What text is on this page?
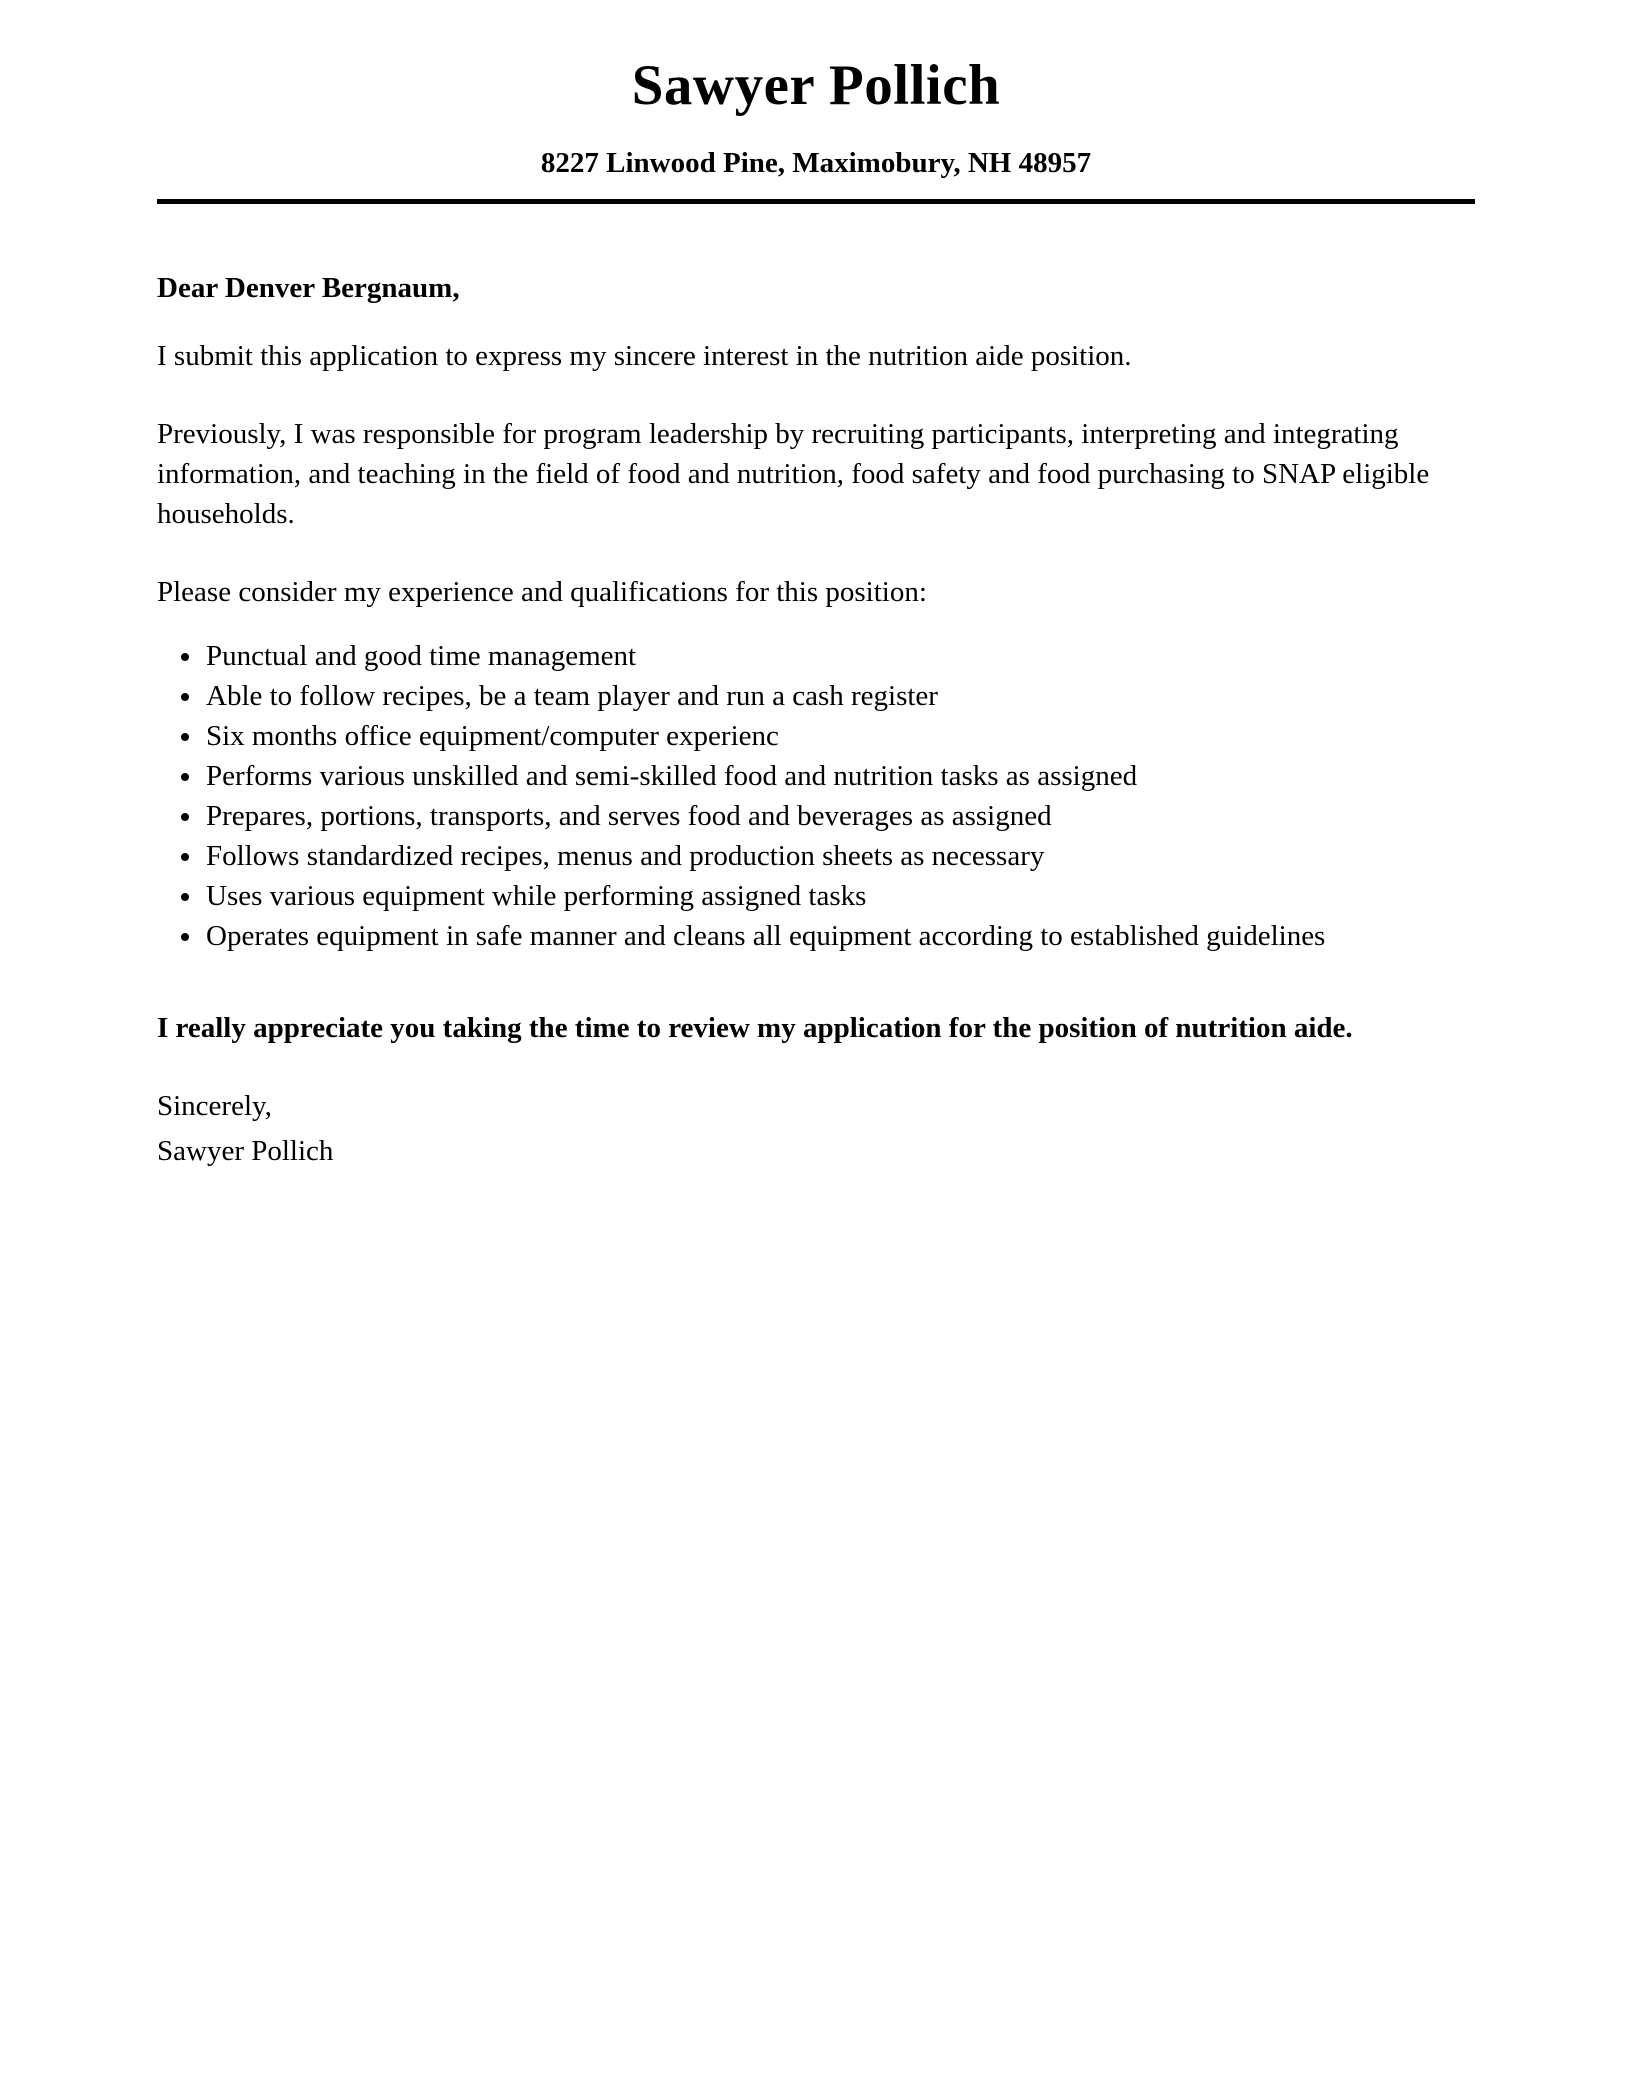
Sawyer Pollich
8227 Linwood Pine, Maximobury, NH 48957
Dear Denver Bergnaum,

I submit this application to express my sincere interest in the nutrition aide position.

Previously, I was responsible for program leadership by recruiting participants, interpreting and integrating information, and teaching in the field of food and nutrition, food safety and food purchasing to SNAP eligible households.

Please consider my experience and qualifications for this position:

• Punctual and good time management
• Able to follow recipes, be a team player and run a cash register
• Six months office equipment/computer experienc
• Performs various unskilled and semi-skilled food and nutrition tasks as assigned
• Prepares, portions, transports, and serves food and beverages as assigned
• Follows standardized recipes, menus and production sheets as necessary
• Uses various equipment while performing assigned tasks
• Operates equipment in safe manner and cleans all equipment according to established guidelines

I really appreciate you taking the time to review my application for the position of nutrition aide.

Sincerely,
Sawyer Pollich
